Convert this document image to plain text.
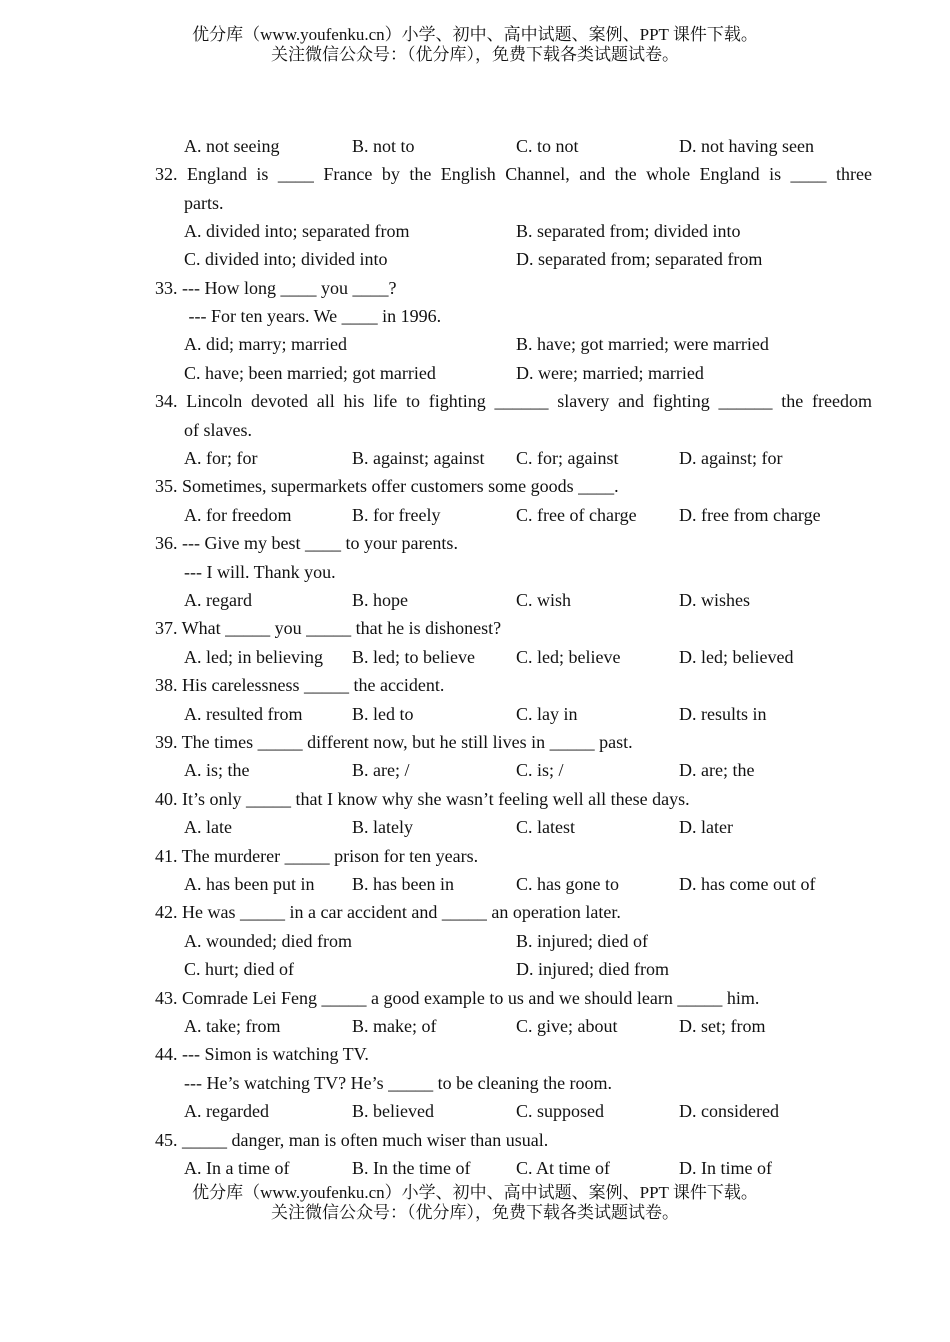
优分库（www.youfenku.cn）小学、初中、高中试题、案例、PPT 课件下载。
关注微信公众号：（优分库），免费下载各类试题试卷。
A. not seeing	B. not to	C. to not	D. not having seen
32. England is ____ France by the English Channel, and the whole England is ____ three
parts.
A. divided into; separated from	B. separated from; divided into
C. divided into; divided into	D. separated from; separated from
33. --- How long ____ you ____?
--- For ten years. We ____ in 1996.
A. did; marry; married	B. have; got married; were married
C. have; been married; got married	D. were; married; married
34. Lincoln devoted all his life to fighting ______ slavery and fighting ______ the freedom
of slaves.
A. for; for	B. against; against C. for; against	D. against; for
35. Sometimes, supermarkets offer customers some goods ____.
A. for freedom	B. for freely	C. free of charge D. free from charge
36. --- Give my best ____ to your parents.
--- I will. Thank you.
A. regard	B. hope	C. wish	D. wishes
37. What _____ you _____ that he is dishonest?
A. led; in believing B. led; to believe C. led; believe	D. led; believed
38. His carelessness _____ the accident.
A. resulted from	B. led to	C. lay in	D. results in
39. The times _____ different now, but he still lives in _____ past.
A. is; the	B. are; /	C. is; /	D. are; the
40. It’s only _____ that I know why she wasn’t feeling well all these days.
A. late	B. lately	C. latest	D. later
41. The murderer _____ prison for ten years.
A. has been put in B. has been in	C. has gone to	D. has come out of
42. He was _____ in a car accident and _____ an operation later.
A. wounded; died from	B. injured; died of
C. hurt; died of	D. injured; died from
43. Comrade Lei Feng _____ a good example to us and we should learn _____ him.
A. take; from	B. make; of	C. give; about	D. set; from
44. --- Simon is watching TV.
--- He’s watching TV? He’s _____ to be cleaning the room.
A. regarded	B. believed	C. supposed	D. considered
45. _____ danger, man is often much wiser than usual.
A. In a time of	B. In the time of	C. At time of	D. In time of
优分库（www.youfenku.cn）小学、初中、高中试题、案例、PPT 课件下载。
关注微信公众号：（优分库），免费下载各类试题试卷。
